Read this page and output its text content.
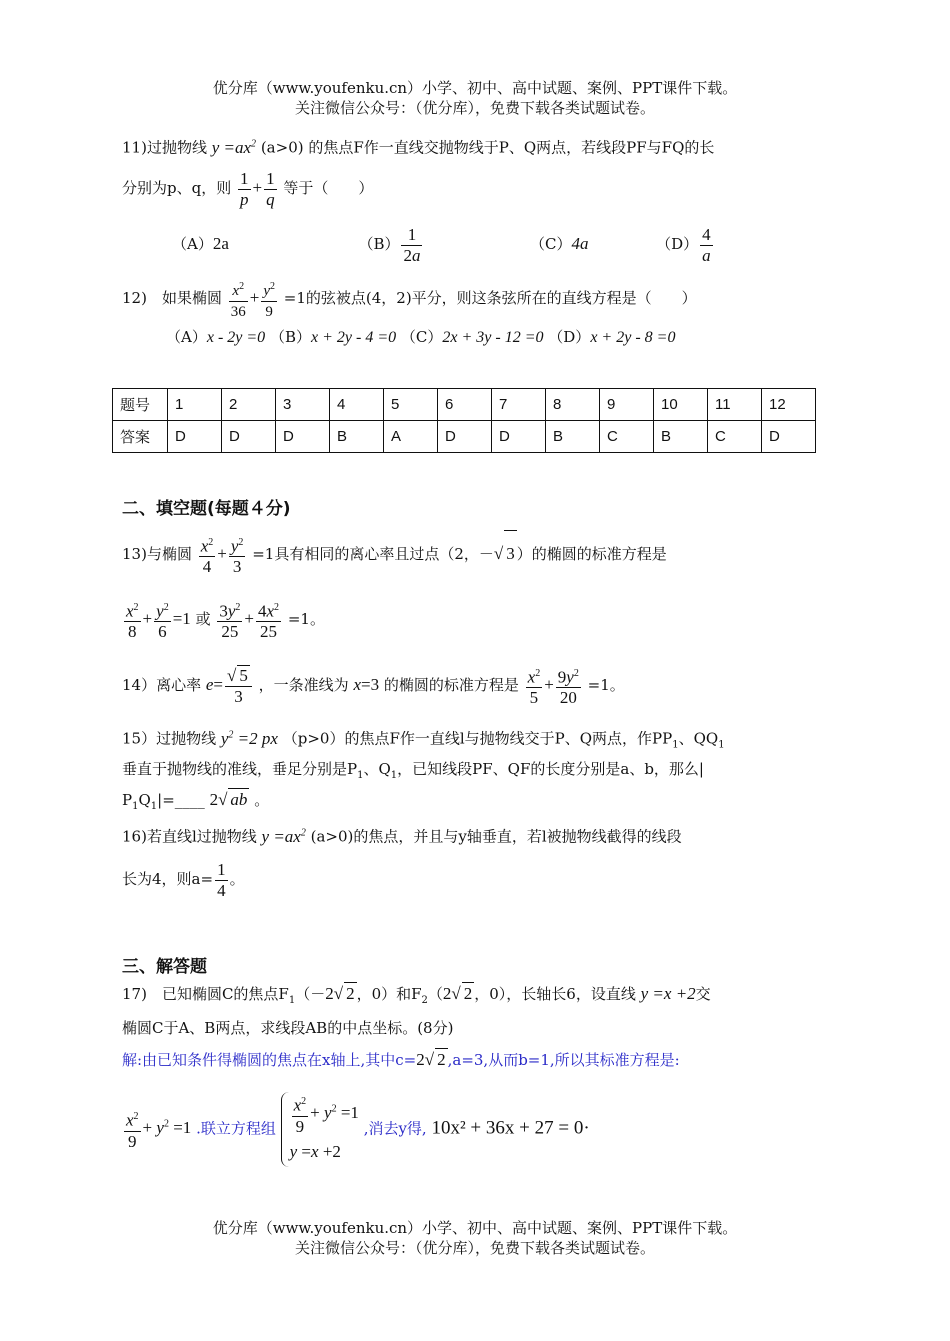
优分库（www.youfenku.cn）小学、初中、高中试题、案例、PPT课件下载。
关注微信公众号：（优分库），免费下载各类试题试卷。
11)过抛物线 $y =ax^2$ (a>0) 的焦点F作一直线交抛物线于P、Q两点，若线段PF与FQ的长
分别为p、q，则 $\frac{1}{p} + \frac{1}{q}$ 等于（　　）
（A）2a	$(B) \frac{1}{2a}$	（C）4a	$(D) \frac{4}{a}$
12)　如果椭圆 $\frac{x^2}{36} + \frac{y^2}{9} =1$的弦被点(4，2)平分，则这条弦所在的直线方程是（　　）
（A）x - 2y =0 （B）x + 2y - 4 =0 （C）2x + 3y - 12 =0 （D）x + 2y - 8 =0
题号	1	2	3	4	5	6	7	8	9	10	11	12
答案	D	D	D	B	A	D	D	B	C	B	C	D
二、填空题(每题４分)
13)与椭圆 $\frac{x^2}{4} + \frac{y^2}{3} =1$具有相同的离心率且过点（2，－√ 3 ）的椭圆的标准方程是
$\frac{x^2}{8} + \frac{y^2}{6} =1$ 或 $\frac{3y^2}{25} + \frac{4x^2}{25} =1$。
14）离心率 $e= \frac{√ 5}{3}$ ，一条准线为 x=3 的椭圆的标准方程是 $\frac{x^2}{5} + \frac{9y^2}{20} =1$。
15）过抛物线 $y^2 =2$ px （p>0）的焦点F作一直线l与抛物线交于P、Q两点，作$PP_1$、$QQ_1$
垂直于抛物线的准线，垂足分别是$P_1$、$Q_1$，已知线段PF、QF的长度分别是a、b，那么|
$P_1Q_1|=\_\_\_\_$ 2√ ab 。
16)若直线l过抛物线 $y =ax^2$ (a>0)的焦点，并且与y轴垂直，若l被抛物线截得的线段
长为4，则$a= \frac{1}{4}$ 。
三、解答题
17)　已知椭圆C的焦点$F_1(-2√$ 2 ，0）和$F_2(2√$ 2 ，0），长轴长6，设直线 y =x +2交
椭圆C于A、B两点，求线段AB的中点坐标。(8分)
解:由已知条件得椭圆的焦点在x轴上,其中c=2√ 2 ,a=3,从而b=1,所以其标准方程是:
$\frac{x^2}{9} + y^2 =1$ .联立方程组 $\frac{x^2}{9} + y^2 =1$
y =x +2
,消去y得, 10x² + 36x + 27 = 0·
优分库（www.youfenku.cn）小学、初中、高中试题、案例、PPT课件下载。
关注微信公众号：（优分库），免费下载各类试题试卷。
